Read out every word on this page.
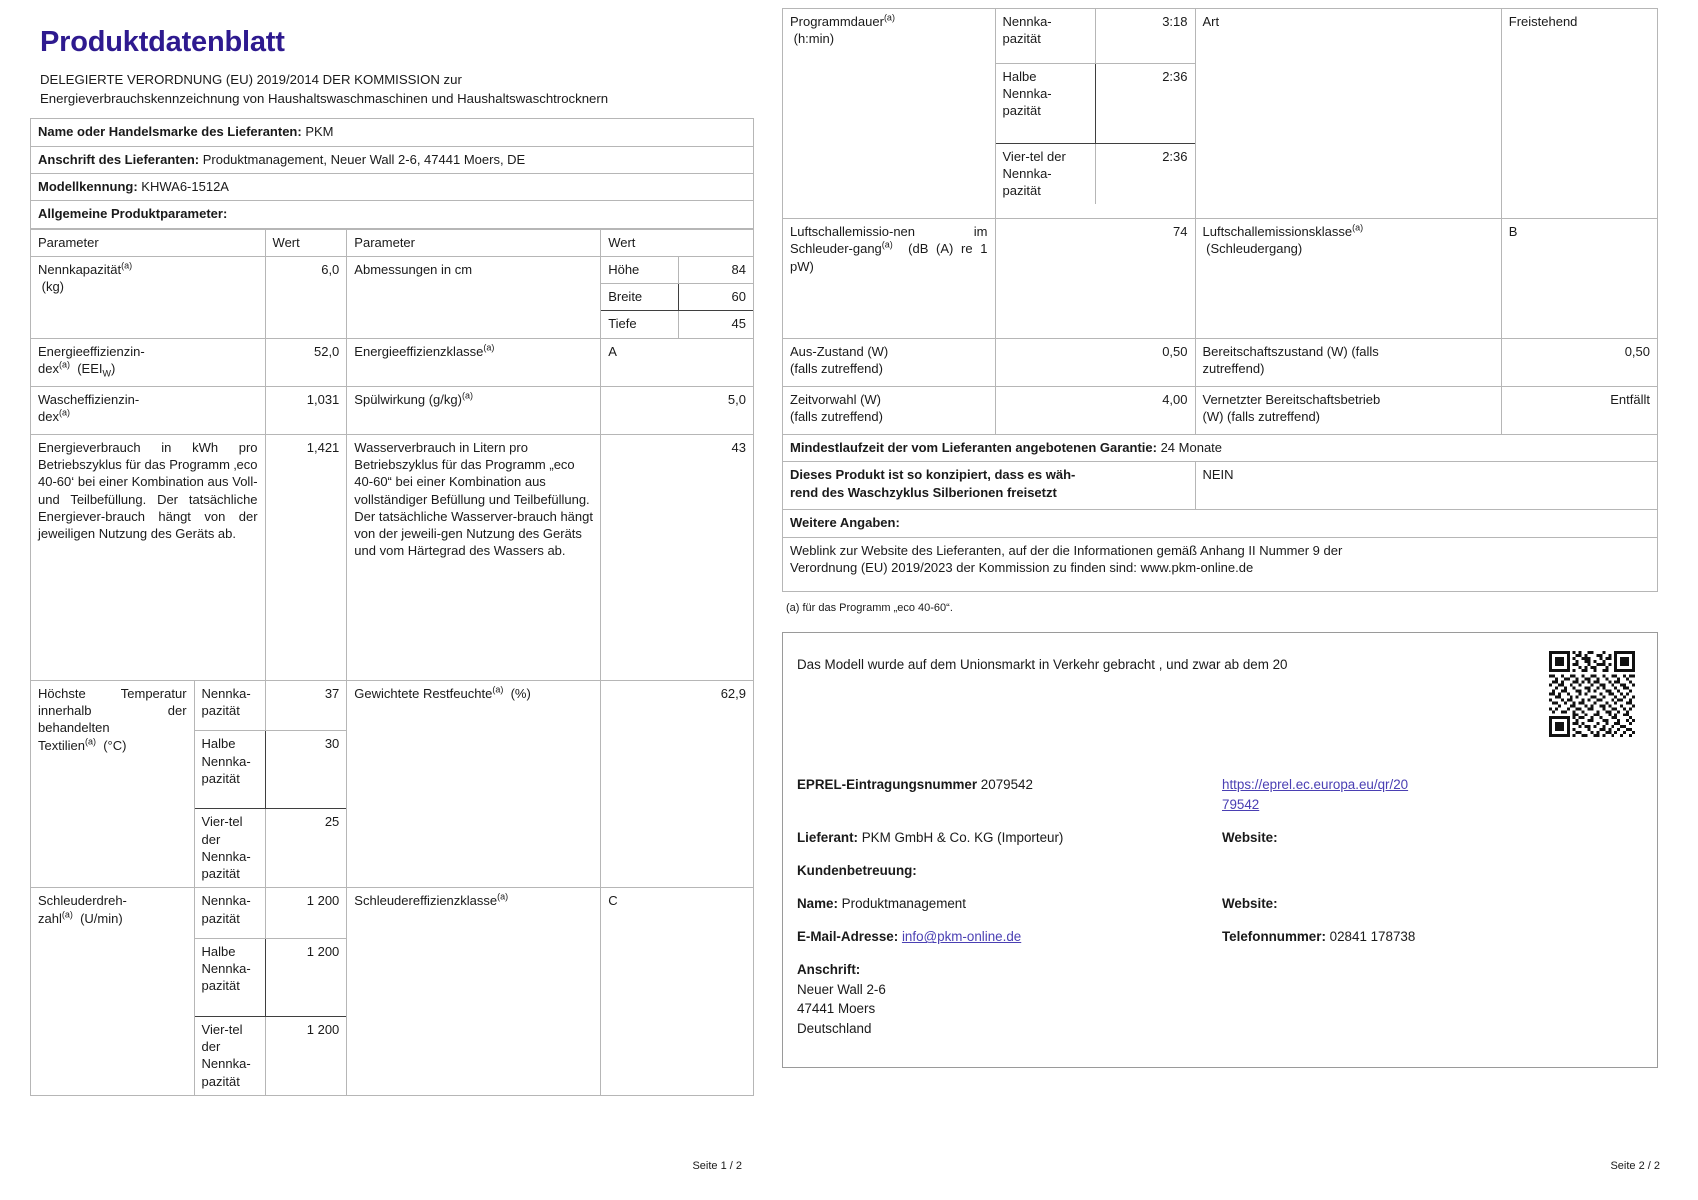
Produktdatenblatt
DELEGIERTE VERORDNUNG (EU) 2019/2014 DER KOMMISSION zur
Energieverbrauchskennzeichnung von Haushaltswaschmaschinen und Haushaltswaschtrocknern
Name oder Handelsmarke des Lieferanten: PKM
Anschrift des Lieferanten: Produktmanagement, Neuer Wall 2-6, 47441 Moers, DE
Modellkennung: KHWA6-1512A
Allgemeine Produktparameter:
Parameter	Wert	Parameter	Wert
Nennkapazität$^{(a)}$
(kg)	6,0	Abmessungen in cm		Höhe	84
Breite	60
Tiefe	45

Energieeffizienzin-
dex$^{(a)}$ $(EEI_W)$	52,0	Energieeffizienzklasse$^{(a)}$	A
Wascheffizienzin-
dex$^{(a)}$	1,031	Spülwirkung $(g/kg)^{(a)}$	5,0
Energieverbrauch in kWh pro Betriebszyklus für das Programm ‚eco 40-60‘ bei einer Kombination aus Voll- und Teilbefüllung. Der tatsächliche Energiever-brauch hängt von der jeweiligen Nutzung des Geräts ab.	1,421	Wasserverbrauch in Litern pro Betriebszyklus für das Programm „eco 40-60“ bei einer Kombination aus vollständiger Befüllung und Teilbefüllung. Der tatsächliche Wasserver-brauch hängt von der jeweili-gen Nutzung des Geräts und vom Härtegrad des Wassers ab.	43
Höchste Temperatur innerhalb der behandelten Textilien$^{(a)}$ (°C)	
Nennka-pazität	37
Halbe Nennka-pazität	30
Vier-tel der Nennka-pazität	25
	Gewichtete Restfeuchte$^{(a)}$ (%)	62,9
Schleuderdreh-
zahl$^{(a)}$ (U/min)	
Nennka-pazität	1 200
Halbe Nennka-pazität	1 200
Vier-tel der Nennka-pazität	1 200
	Schleudereffizienzklasse$^{(a)}$	C
Seite 1 / 2
Programmdauer$^{(a)}$
(h:min)	
Nennka-pazität	3:18
Halbe Nennka-pazität	2:36
Vier-tel der Nennka-pazität	2:36
	Art	Freistehend
Luftschallemissio-nen im Schleuder-gang$^{(a)}$ (dB (A) re 1 pW)	74	Luftschallemissionsklasse$^{(a)}$
(Schleudergang)	B
Aus-Zustand (W)
(falls zutreffend)	0,50	Bereitschaftszustand (W) (falls
zutreffend)	0,50
Zeitvorwahl (W)
(falls zutreffend)	4,00	Vernetzter Bereitschaftsbetrieb
(W) (falls zutreffend)	Entfällt
Mindestlaufzeit der vom Lieferanten angebotenen Garantie: 24 Monate
Dieses Produkt ist so konzipiert, dass es wäh-
rend des Waschzyklus Silberionen freisetzt	NEIN
Weitere Angaben:
Weblink zur Website des Lieferanten, auf der die Informationen gemäß Anhang II Nummer 9 der
Verordnung (EU) 2019/2023 der Kommission zu finden sind: www.pkm-online.de
(a) für das Programm „eco 40-60“.
Das Modell wurde auf dem Unionsmarkt in Verkehr gebracht , und zwar ab dem 20
EPREL-Eintragungsnummer 2079542	https://eprel.ec.europa.eu/qr/20
79542
Lieferant: PKM GmbH & Co. KG (Importeur)	Website:
Kundenbetreuung:

Name: Produktmanagement	Website:
E-Mail-Adresse: info@pkm-online.de	Telefonnummer: 02841 178738
Anschrift:
Neuer Wall 2-6
47441 Moers
Deutschland

Seite 2 / 2
